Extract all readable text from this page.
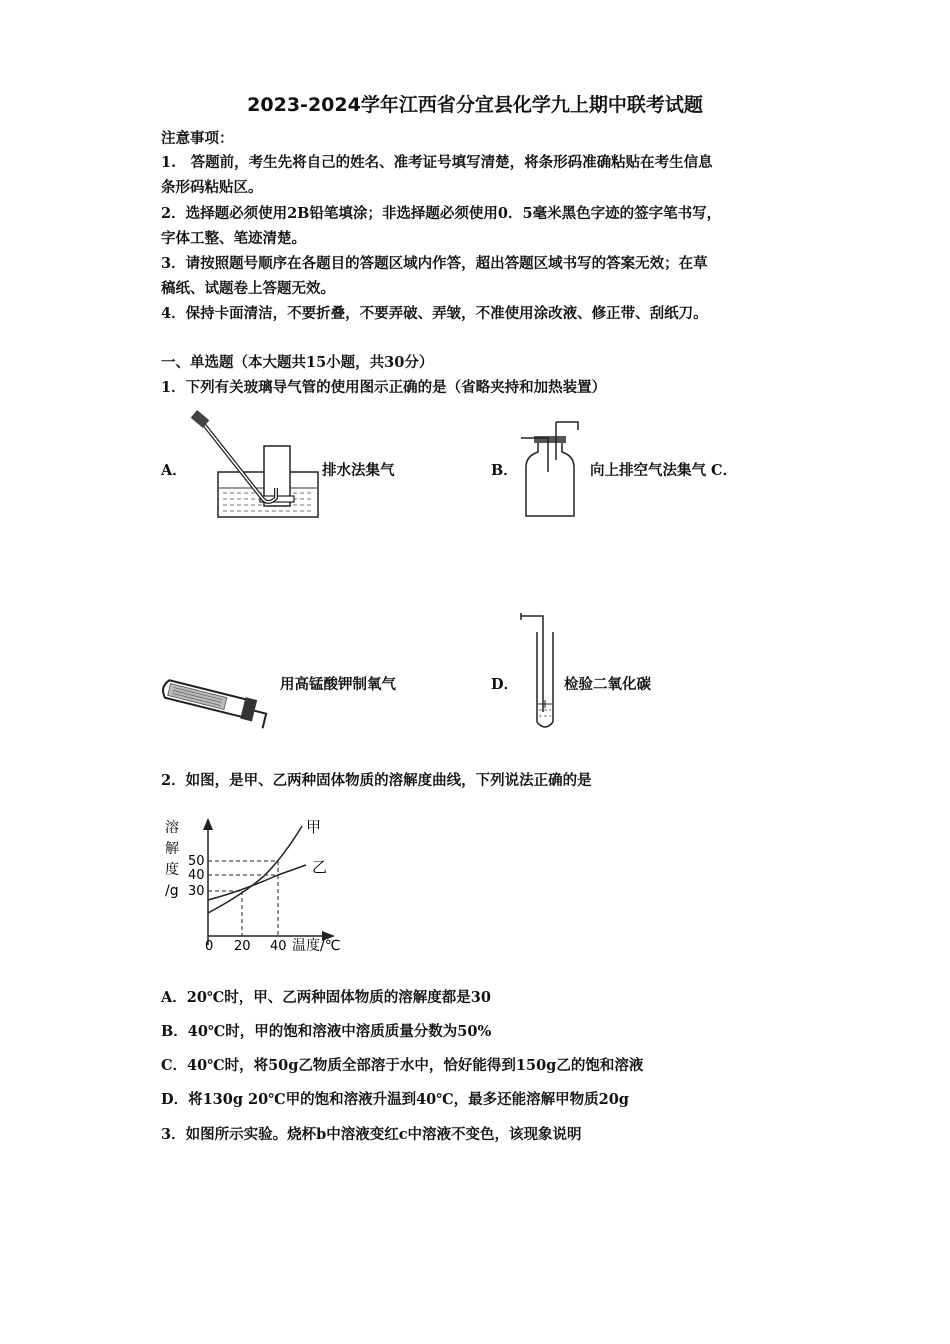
2023-2024学年江西省分宜县化学九上期中联考试题
注意事项：
1.　答题前，考生先将自己的姓名、准考证号填写清楚，将条形码准确粘贴在考生信息
条形码粘贴区。
2．选择题必须使用2B铅笔填涂；非选择题必须使用0．5毫米黑色字迹的签字笔书写，
字体工整、笔迹清楚。
3．请按照题号顺序在各题目的答题区域内作答，超出答题区域书写的答案无效；在草
稿纸、试题卷上答题无效。
4．保持卡面清洁，不要折叠，不要弄破、弄皱，不准使用涂改液、修正带、刮纸刀。
一、单选题（本大题共15小题，共30分）
1．下列有关玻璃导气管的使用图示正确的是（省略夹持和加热装置）
A．	排水法集气	B．	向上排空气法集气 C．
用高锰酸钾制氧气	D．	检验二氧化碳
2．如图，是甲、乙两种固体物质的溶解度曲线，下列说法正确的是
溶
解
度
/g
50
40
30
0 20 40 温度/℃
甲
乙
A．20℃时，甲、乙两种固体物质的溶解度都是30
B．40℃时，甲的饱和溶液中溶质质量分数为50%
C．40℃时，将50g乙物质全部溶于水中，恰好能得到150g乙的饱和溶液
D．将130g 20℃甲的饱和溶液升温到40℃，最多还能溶解甲物质20g
3．如图所示实验。烧杯b中溶液变红c中溶液不变色，该现象说明
